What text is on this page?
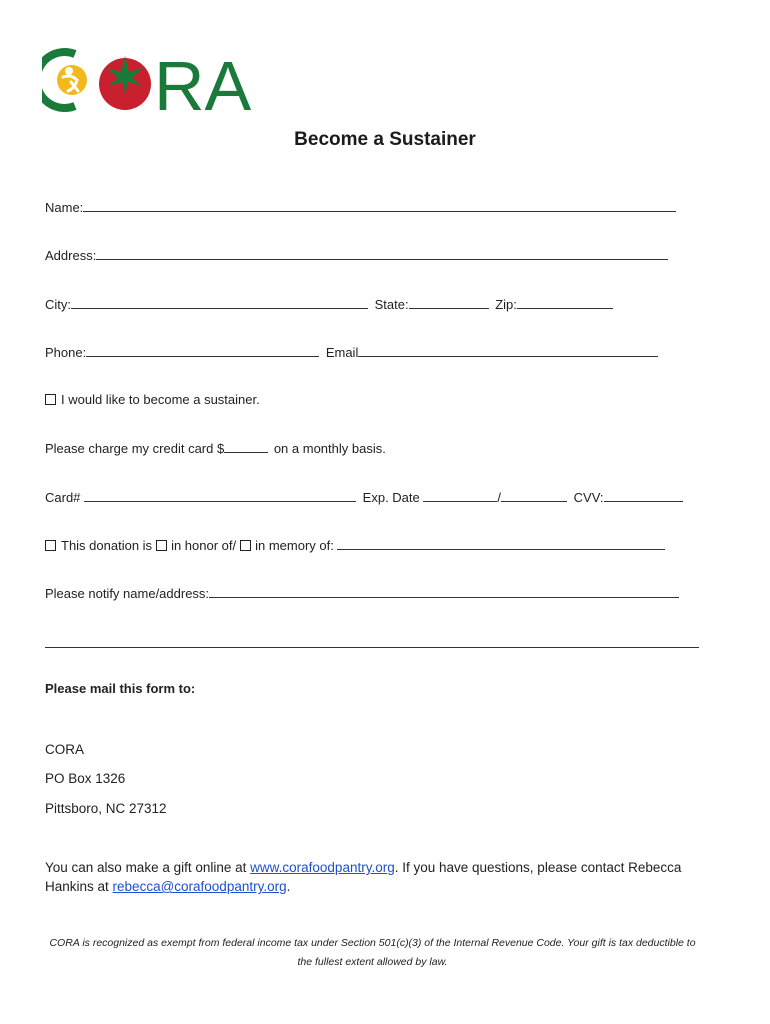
RA
Become a Sustainer
Name:
Address:
City:	State:	Zip:
Phone:	Email
I would like to become a sustainer.
Please charge my credit card $	on a monthly basis.
Card#	Exp. Date	/	CVV:
This donation is in honor of/ in memory of:
Please notify name/address:
Please mail this form to:
CORA
PO Box 1326
Pittsboro, NC 27312
You can also make a gift online at www.corafoodpantry.org. If you have questions, please contact Rebecca Hankins at rebecca@corafoodpantry.org.
CORA is recognized as exempt from federal income tax under Section 501(c)(3) of the Internal Revenue Code. Your gift is tax deductible to the fullest extent allowed by law.
